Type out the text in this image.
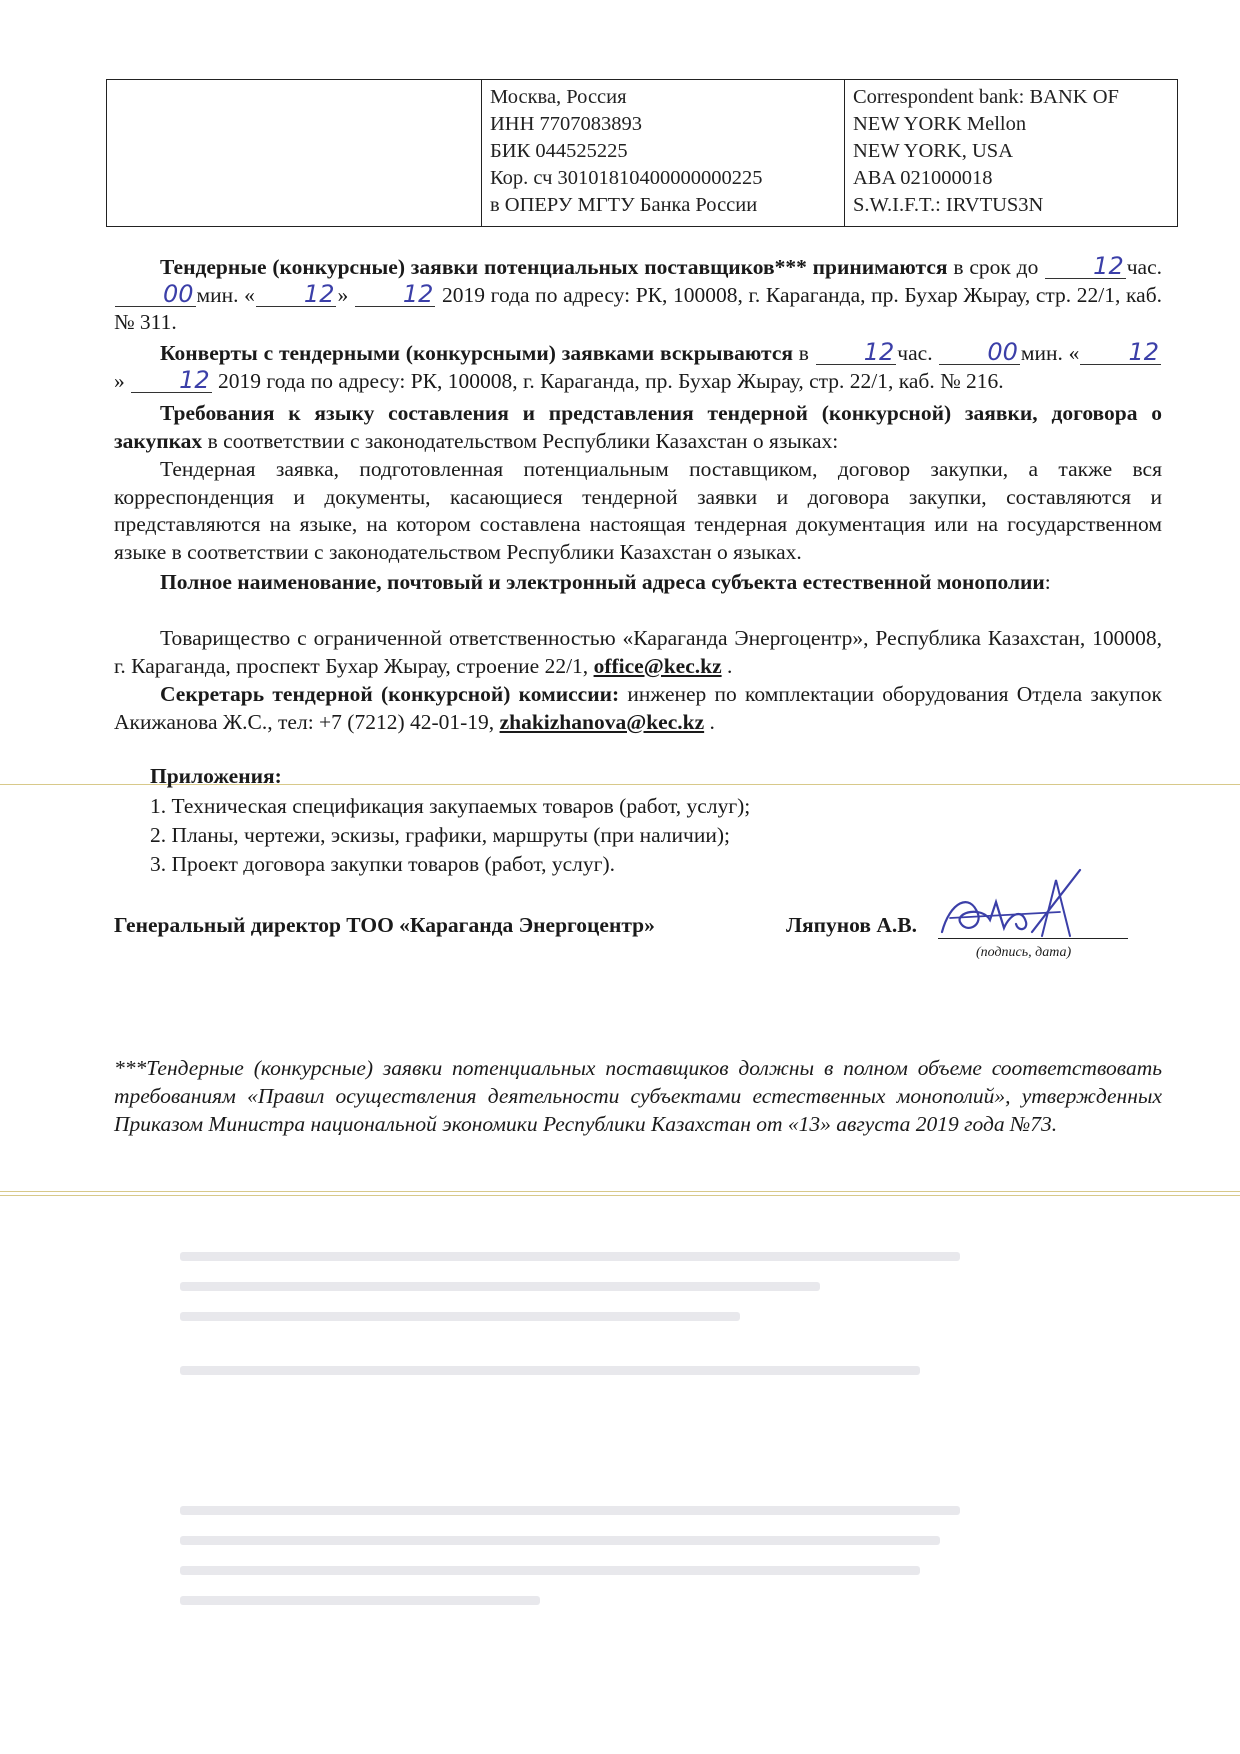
Москва, Россия
ИНН 7707083893
БИК 044525225
Кор. сч 30101810400000000225
в ОПЕРУ МГТУ Банка России

Correspondent bank: BANK OF
NEW YORK Mellon
NEW YORK, USA
ABA 021000018
S.W.I.F.T.: IRVTUS3N
Тендерные (конкурсные) заявки потенциальных поставщиков*** принимаются в срок до 12 час. 00 мин. « 12 » 12 2019 года по адресу: РК, 100008, г. Караганда, пр. Бухар Жырау, стр. 22/1, каб. № 311.
Конверты с тендерными (конкурсными) заявками вскрываются в 12 час. 00 мин. « 12» 12 2019 года по адресу: РК, 100008, г. Караганда, пр. Бухар Жырау, стр. 22/1, каб. № 216.
Требования к языку составления и представления тендерной (конкурсной) заявки, договора о закупках в соответствии с законодательством Республики Казахстан о языках:
Тендерная заявка, подготовленная потенциальным поставщиком, договор закупки, а также вся корреспонденция и документы, касающиеся тендерной заявки и договора закупки, составляются и представляются на языке, на котором составлена настоящая тендерная документация или на государственном языке в соответствии с законодательством Республики Казахстан о языках.
Полное наименование, почтовый и электронный адреса субъекта естественной монополии:
Товарищество с ограниченной ответственностью «Караганда Энергоцентр», Республика Казахстан, 100008, г. Караганда, проспект Бухар Жырау, строение 22/1, office@kec.kz .
Секретарь тендерной (конкурсной) комиссии: инженер по комплектации оборудования Отдела закупок Акижанова Ж.С., тел: +7 (7212) 42-01-19, zhakizhanova@kec.kz .
Приложения:
1. Техническая спецификация закупаемых товаров (работ, услуг);
2. Планы, чертежи, эскизы, графики, маршруты (при наличии);
3. Проект договора закупки товаров (работ, услуг).
Генеральный директор ТОО «Караганда Энергоцентр»	Ляпунов А.В.
(подпись, дата)
***Тендерные (конкурсные) заявки потенциальных поставщиков должны в полном объеме соответствовать требованиям «Правил осуществления деятельности субъектами естественных монополий», утвержденных Приказом Министра национальной экономики Республики Казахстан от «13» августа 2019 года №73.
